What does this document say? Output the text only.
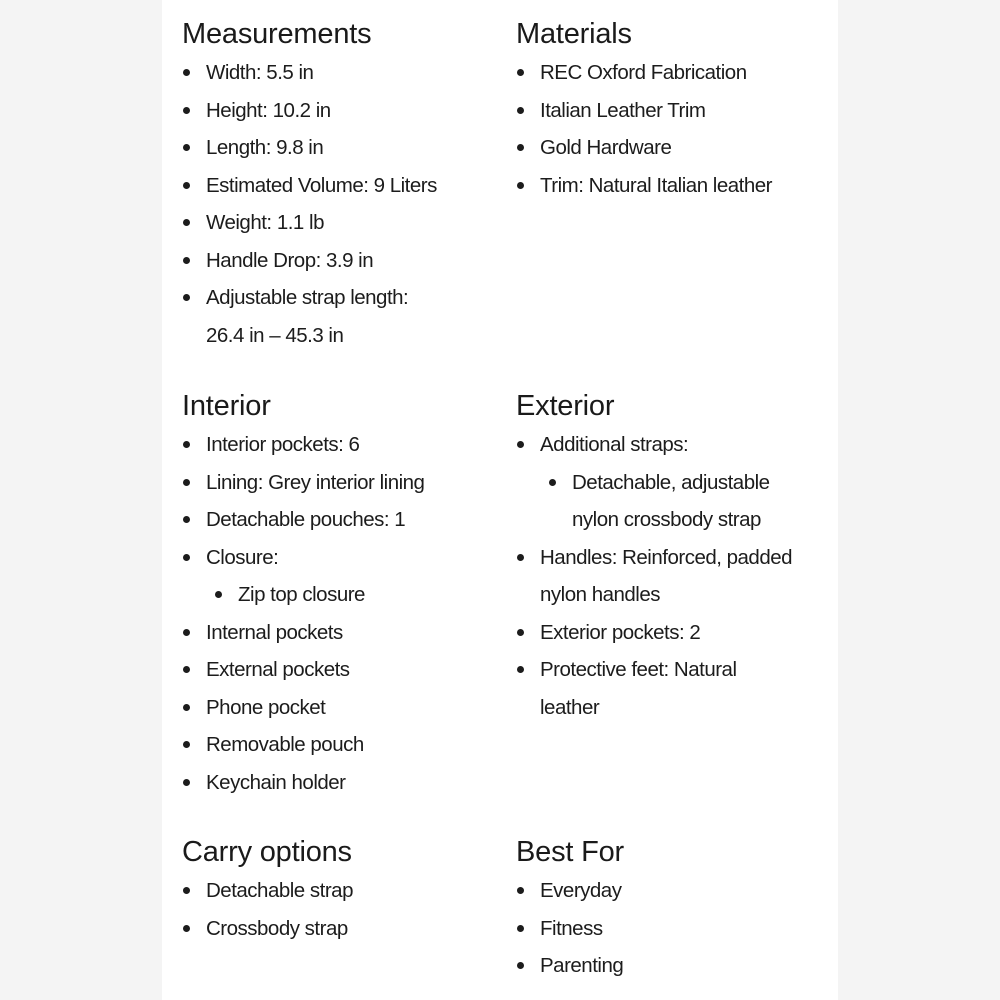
Measurements
Width: 5.5 in
Height: 10.2 in
Length: 9.8 in
Estimated Volume: 9 Liters
Weight: 1.1 lb
Handle Drop: 3.9 in
Adjustable strap length:
26.4 in – 45.3 in
Materials
REC Oxford Fabrication
Italian Leather Trim
Gold Hardware
Trim: Natural Italian leather
Interior
Interior pockets: 6
Lining: Grey interior lining
Detachable pouches: 1
Closure:
Zip top closure
Internal pockets
External pockets
Phone pocket
Removable pouch
Keychain holder
Exterior
Additional straps:
Detachable, adjustable
nylon crossbody strap
Handles: Reinforced, padded
nylon handles
Exterior pockets: 2
Protective feet: Natural
leather
Carry options
Detachable strap
Crossbody strap
Best For
Everyday
Fitness
Parenting
